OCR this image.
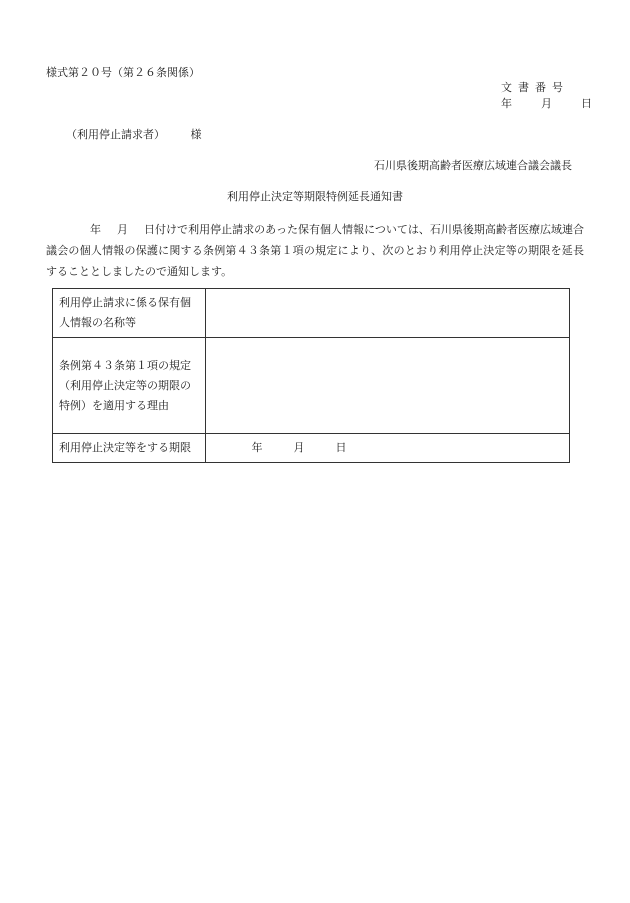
様式第２０号（第２６条関係）
文書番号
年	月	日
（利用停止請求者） 様
石川県後期高齢者医療広域連合議会議長
利用停止決定等期限特例延長通知書
年 月 日付けで利用停止請求のあった保有個人情報については、石川県後期高齢者医療広域連合議会の個人情報の保護に関する条例第４３条第１項の規定により、次のとおり利用停止決定等の期限を延長することとしましたので通知します。
利用停止請求に係る保有個人情報の名称等	
条例第４３条第１項の規定（利用停止決定等の期限の特例）を適用する理由	
利用停止決定等をする期限	年 月 日
